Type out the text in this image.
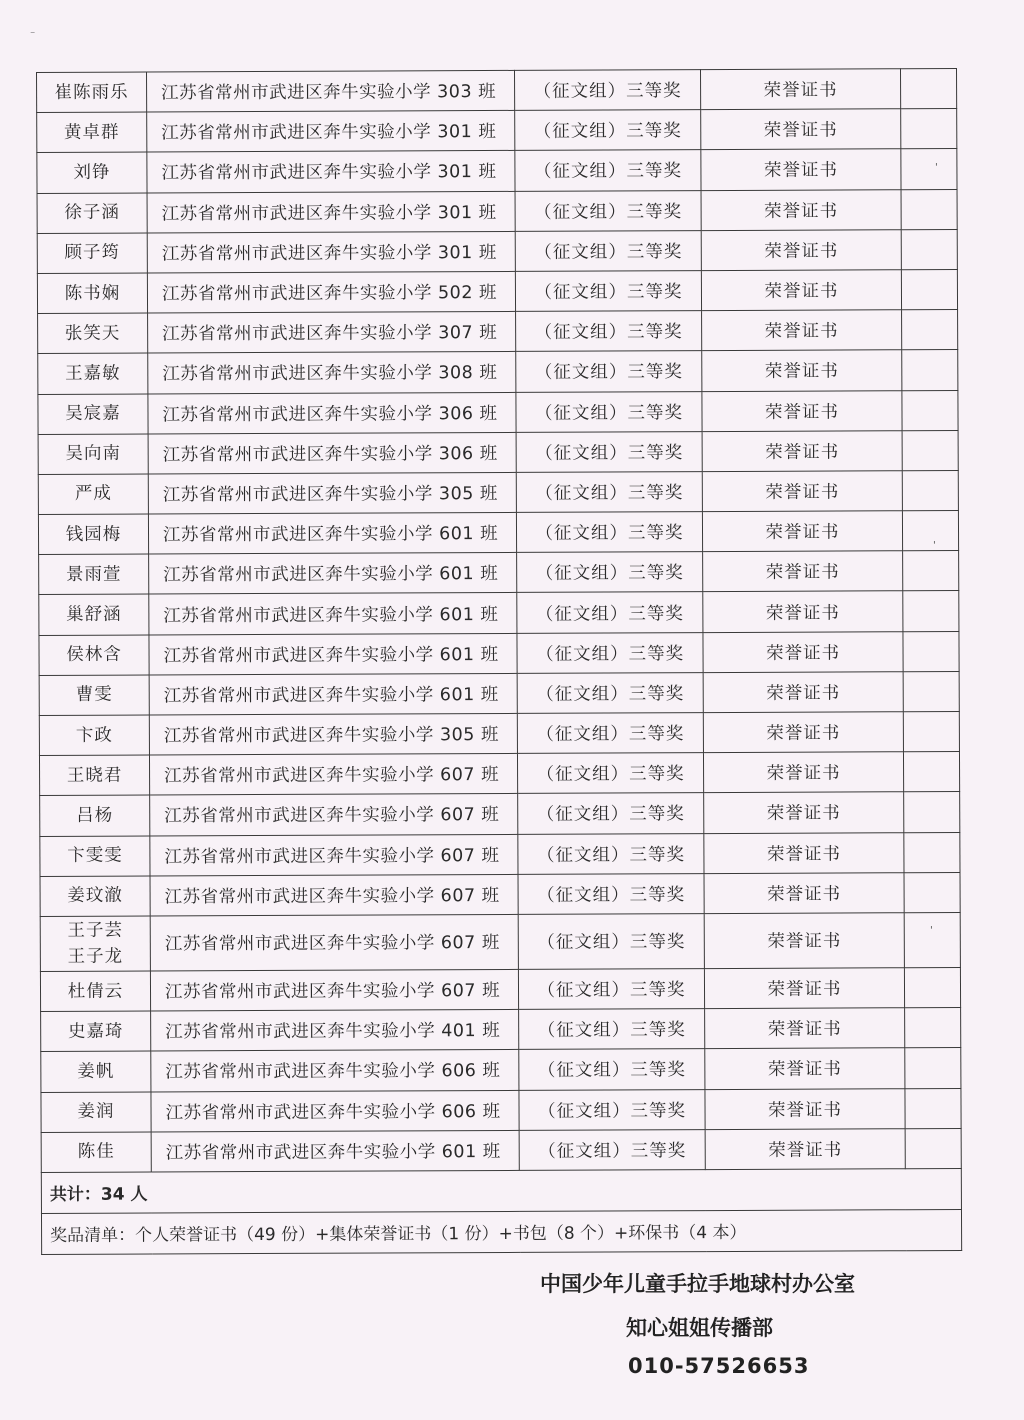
⁻
'
'
'
崔陈雨乐	江苏省常州市武进区奔牛实验小学 303 班	（征文组）三等奖	荣誉证书	

黄卓群	江苏省常州市武进区奔牛实验小学 301 班	（征文组）三等奖	荣誉证书	

刘铮	江苏省常州市武进区奔牛实验小学 301 班	（征文组）三等奖	荣誉证书	

徐子涵	江苏省常州市武进区奔牛实验小学 301 班	（征文组）三等奖	荣誉证书	

顾子筠	江苏省常州市武进区奔牛实验小学 301 班	（征文组）三等奖	荣誉证书	

陈书娴	江苏省常州市武进区奔牛实验小学 502 班	（征文组）三等奖	荣誉证书	

张笑天	江苏省常州市武进区奔牛实验小学 307 班	（征文组）三等奖	荣誉证书	

王嘉敏	江苏省常州市武进区奔牛实验小学 308 班	（征文组）三等奖	荣誉证书	

吴宸嘉	江苏省常州市武进区奔牛实验小学 306 班	（征文组）三等奖	荣誉证书	

吴向南	江苏省常州市武进区奔牛实验小学 306 班	（征文组）三等奖	荣誉证书	

严成	江苏省常州市武进区奔牛实验小学 305 班	（征文组）三等奖	荣誉证书	

钱园梅	江苏省常州市武进区奔牛实验小学 601 班	（征文组）三等奖	荣誉证书	

景雨萱	江苏省常州市武进区奔牛实验小学 601 班	（征文组）三等奖	荣誉证书	

巢舒涵	江苏省常州市武进区奔牛实验小学 601 班	（征文组）三等奖	荣誉证书	

侯林含	江苏省常州市武进区奔牛实验小学 601 班	（征文组）三等奖	荣誉证书	

曹雯	江苏省常州市武进区奔牛实验小学 601 班	（征文组）三等奖	荣誉证书	

卞政	江苏省常州市武进区奔牛实验小学 305 班	（征文组）三等奖	荣誉证书	

王晓君	江苏省常州市武进区奔牛实验小学 607 班	（征文组）三等奖	荣誉证书	

吕杨	江苏省常州市武进区奔牛实验小学 607 班	（征文组）三等奖	荣誉证书	

卞雯雯	江苏省常州市武进区奔牛实验小学 607 班	（征文组）三等奖	荣誉证书	

姜玟澈	江苏省常州市武进区奔牛实验小学 607 班	（征文组）三等奖	荣誉证书	

王子芸
王子龙	江苏省常州市武进区奔牛实验小学 607 班	（征文组）三等奖	荣誉证书	

杜倩云	江苏省常州市武进区奔牛实验小学 607 班	（征文组）三等奖	荣誉证书	

史嘉琦	江苏省常州市武进区奔牛实验小学 401 班	（征文组）三等奖	荣誉证书	

姜帆	江苏省常州市武进区奔牛实验小学 606 班	（征文组）三等奖	荣誉证书	

姜润	江苏省常州市武进区奔牛实验小学 606 班	（征文组）三等奖	荣誉证书	

陈佳	江苏省常州市武进区奔牛实验小学 601 班	（征文组）三等奖	荣誉证书	
共计：34 人				
奖品清单：个人荣誉证书（49 份）+集体荣誉证书（1 份）+书包（8 个）+环保书（4 本）				
中国少年儿童手拉手地球村办公室
知心姐姐传播部
010-57526653
